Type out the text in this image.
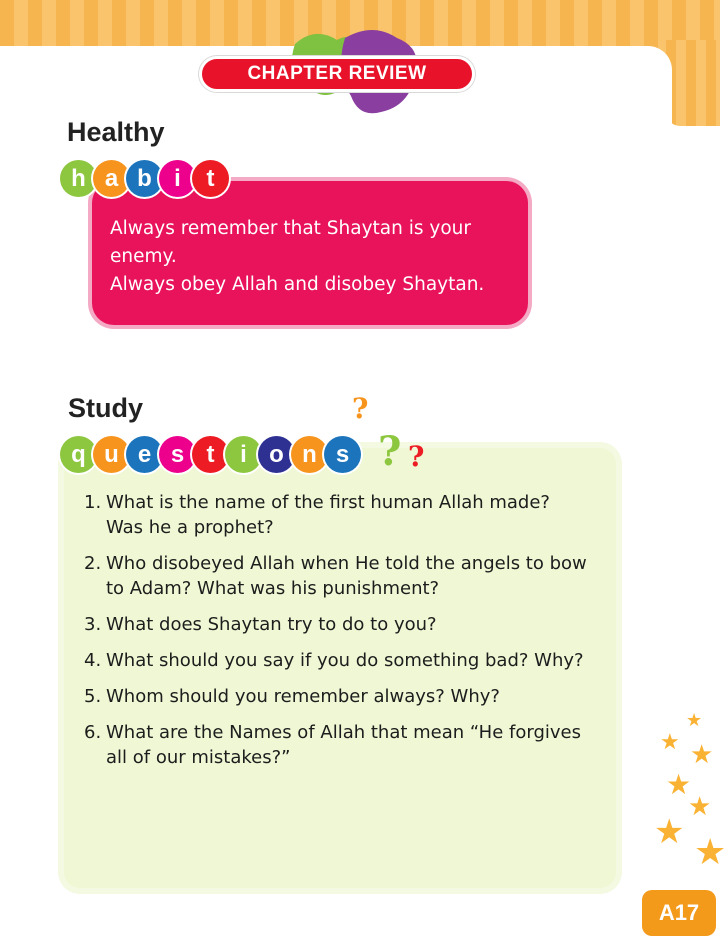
CHAPTER REVIEW
Healthy
h a b i	t
Always remember that Shaytan is your
enemy.
Always obey Allah and disobey Shaytan.
Study
q u e s t	i o n s
?
? ?
1. What is the name of the first human Allah made?
Was he a prophet?
2. Who disobeyed Allah when He told the angels to bow
to Adam? What was his punishment?
3. What does Shaytan try to do to you?
4. What should you say if you do something bad? Why?
5. Whom should you remember always? Why?
6. What are the Names of Allah that mean “He forgives
all of our mistakes?”
★
★ ★
★
★
★
★
A17
